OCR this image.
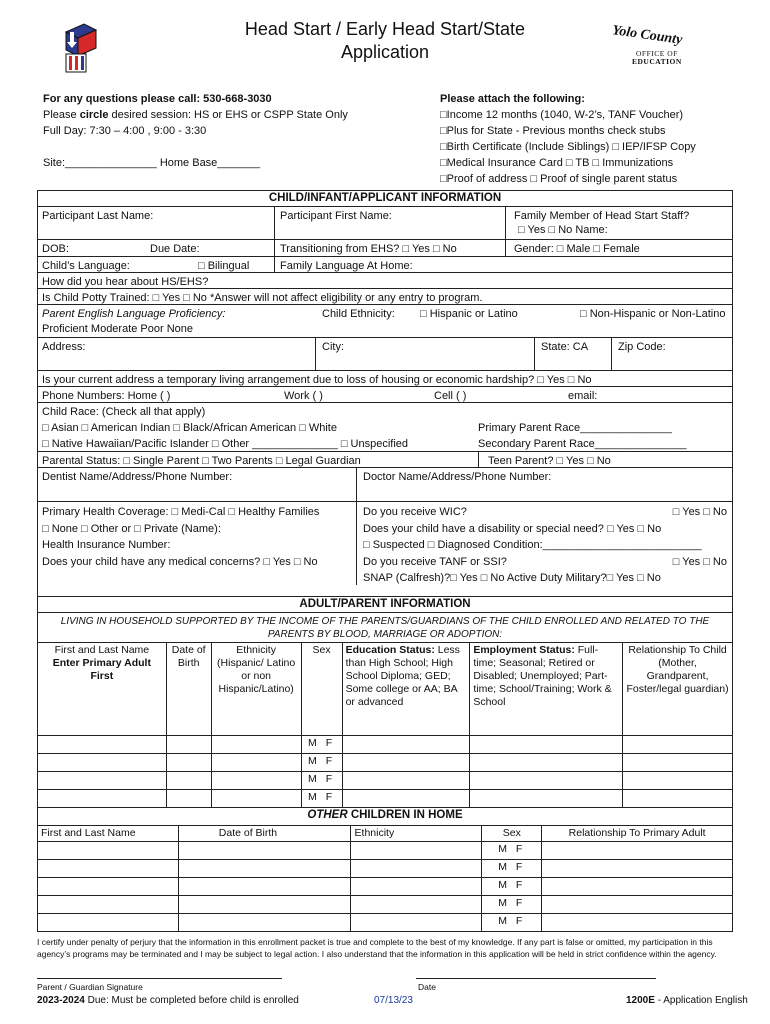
Head Start / Early Head Start/State
Application
Yolo County
OFFICE OF
EDUCATION
For any questions please call: 530-668-3030
Please circle desired session: HS or EHS or CSPP State Only
Full Day: 7:30 – 4:00 , 9:00 - 3:30
Site:_______________ Home Base_______
Please attach the following:
□ Income 12 months (1040, W-2’s, TANF Voucher)
□ Plus for State - Previous months check stubs
□ Birth Certificate (Include Siblings) □ IEP/IFSP Copy
□ Medical Insurance Card □ TB □ Immunizations
□ Proof of address □ Proof of single parent status
CHILD/INFANT/APPLICANT INFORMATION
Participant Last Name:	Participant First Name:	Family Member of Head Start Staff?
□ Yes □ No Name:
DOB:	Due Date:	Transitioning from EHS? □ Yes □ No	Gender: □ Male □ Female
Child’s Language:	□ Bilingual	Family Language At Home:
How did you hear about HS/EHS?
Is Child Potty Trained: □ Yes □ No *Answer will not affect eligibility or any entry to program.
Parent English Language Proficiency:
Proficient Moderate Poor None
Child Ethnicity:	□ Hispanic or Latino	□ Non-Hispanic or Non-Latino
Address:	City:	State: CA	Zip Code:
Is your current address a temporary living arrangement due to loss of housing or economic hardship? □ Yes □ No
Phone Numbers: Home ( )	Work ( )	Cell ( )	email:
Child Race: (Check all that apply)
□ Asian □ American Indian □ Black/African American □ White
□ Native Hawaiian/Pacific Islander □ Other ______________ □ Unspecified
Primary Parent Race_______________
Secondary Parent Race_______________
Parental Status: □ Single Parent □ Two Parents □ Legal Guardian	Teen Parent? □ Yes □ No
Dentist Name/Address/Phone Number:	Doctor Name/Address/Phone Number:
Primary Health Coverage: □ Medi-Cal □ Healthy Families
□ None □ Other or □ Private (Name):
Health Insurance Number:
Does your child have any medical concerns? □ Yes □ No
Do you receive WIC?	□ Yes □ No
Does your child have a disability or special need? □ Yes □ No
□ Suspected □ Diagnosed Condition:__________________________
Do you receive TANF or SSI?	□ Yes □ No
SNAP (Calfresh)?□ Yes □ No Active Duty Military?□ Yes □ No
ADULT/PARENT INFORMATION
LIVING IN HOUSEHOLD SUPPORTED BY THE INCOME OF THE PARENTS/GUARDIANS OF THE CHILD ENROLLED AND RELATED TO THE PARENTS BY BLOOD, MARRIAGE OR ADOPTION:
First and Last Name
Enter Primary Adult
First	Date of Birth	Ethnicity (Hispanic/ Latino or non Hispanic/Latino)	Sex	Education Status: Less than High School; High School Diploma; GED; Some college or AA; BA or advanced	Employment Status: Full-time; Seasonal; Retired or Disabled; Unemployed; Part-time; School/Training; Work & School	Relationship To Child (Mother, Grandparent, Foster/legal guardian)
			M F			
			M F			
			M F			
			M F			
OTHER CHILDREN IN HOME
First and Last Name	Date of Birth	Ethnicity	Sex	Relationship To Primary Adult
			M F	
			M F	
			M F	
			M F	
			M F	
I certify under penalty of perjury that the information in this enrollment packet is true and complete to the best of my knowledge. If any part is false or omitted, my participation in this agency’s programs may be terminated and I may be subject to legal action. I also understand that the information in this application will be held in strict confidence within the agency.
Parent / Guardian Signature	Date
2023-2024 Due: Must be completed before child is enrolled	07/13/23	1200E - Application English
